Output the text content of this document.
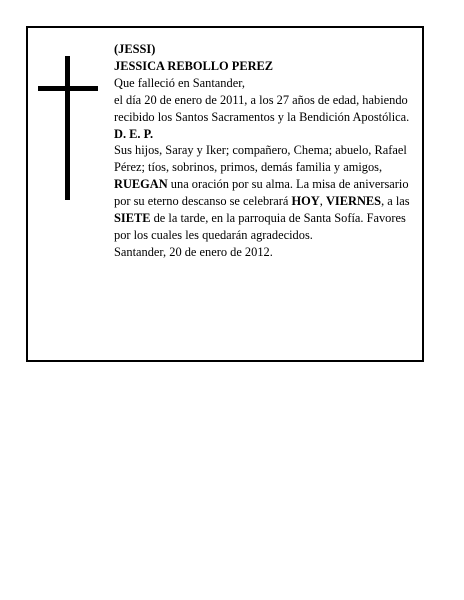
(JESSI)

JESSICA REBOLLO PEREZ

Que falleció en Santander,

el día 20 de enero de 2011, a los 27 años de edad, habiendo recibido los Santos Sacramentos y la Bendición Apostólica.

D. E. P.

Sus hijos, Saray y Iker; compañero, Chema; abuelo, Rafael Pérez; tíos, sobrinos, primos, demás familia y amigos,

RUEGAN una oración por su alma. La misa de aniversario por su eterno descanso se celebrará HOY, VIERNES, a las SIETE de la tarde, en la parroquia de Santa Sofía. Favores por los cuales les quedarán agradecidos.

Santander, 20 de enero de 2012.
